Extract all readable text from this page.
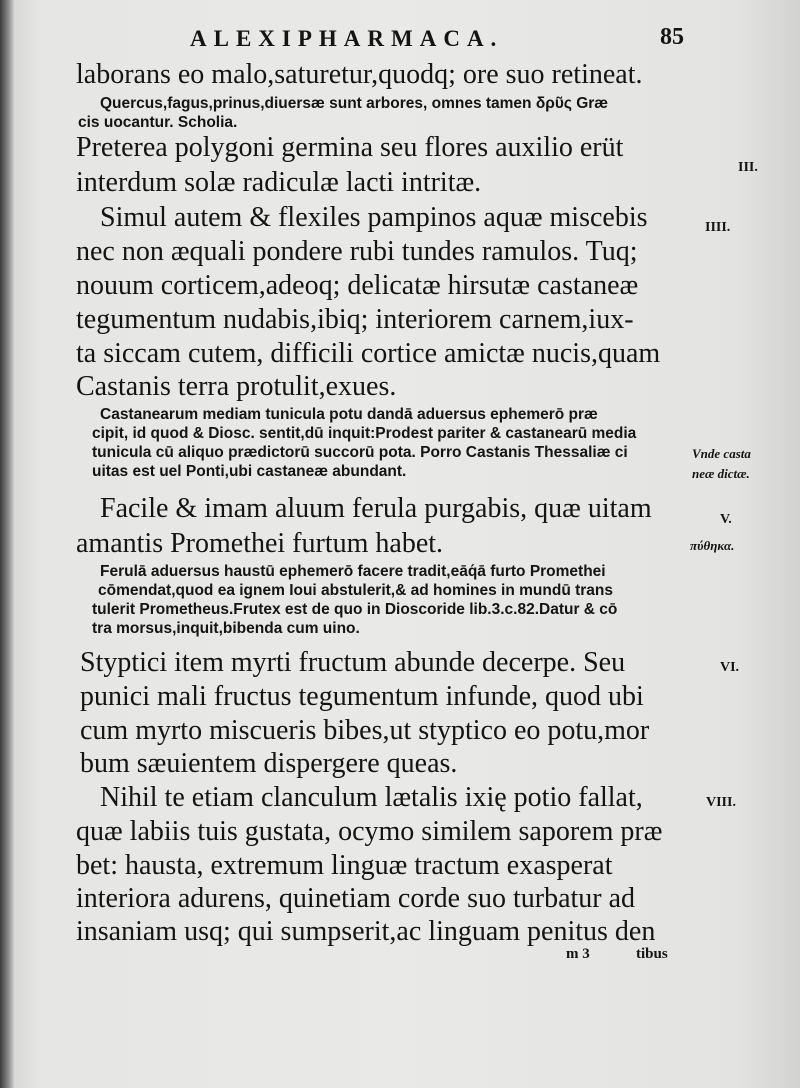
ALEXIPHARMACA.	85
laborans eo malo,saturetur,quodq; ore suo retineat.
Quercus,fagus,prinus,diuersæ sunt arbores, omnes tamen δρῦς Græ
cis uocantur. Scholia.
Preterea polygoni germina seu flores auxilio erüt
interdum solæ radiculæ lacti intritæ.
Simul autem & flexiles pampinos aquæ miscebis
nec non æquali pondere rubi tundes ramulos. Tuq;
nouum corticem,adeoq; delicatæ hirsutæ castaneæ
tegumentum nudabis,ibiq; interiorem carnem,iux-
ta siccam cutem, difficili cortice amictæ nucis,quam
Castanis terra protulit,exues.
Castanearum mediam tunicula potu dandā aduersus ephemerō præ
cipit, id quod & Diosc. sentit,dū inquit:Prodest pariter & castanearū media
tunicula cū aliquo prædictorū succorū pota. Porro Castanis Thessaliæ ci
uitas est uel Ponti,ubi castaneæ abundant.
Facile & imam aluum ferula purgabis, quæ uitam
amantis Promethei furtum habet.
Ferulā aduersus haustū ephemerō facere tradit,eāq́ā furto Promethei
cōmendat,quod ea ignem Ioui abstulerit,& ad homines in mundū trans
tulerit Prometheus.Frutex est de quo in Dioscoride lib.3.c.82.Datur & cō
tra morsus,inquit,bibenda cum uino.
Styptici item myrti fructum abunde decerpe. Seu
punici mali fructus tegumentum infunde, quod ubi
cum myrto miscueris bibes,ut styptico eo potu,mor
bum sæuientem dispergere queas.
Nihil te etiam clanculum lætalis ixię potio fallat,
quæ labiis tuis gustata, ocymo similem saporem præ
bet: hausta, extremum linguæ tractum exasperat
interiora adurens, quinetiam corde suo turbatur ad
insaniam usq; qui sumpserit,ac linguam penitus den
III.
IIII.
Vnde casta
neæ dictæ.
V.
πύθηκα.
VI.
VIII.
m 3	tibus
